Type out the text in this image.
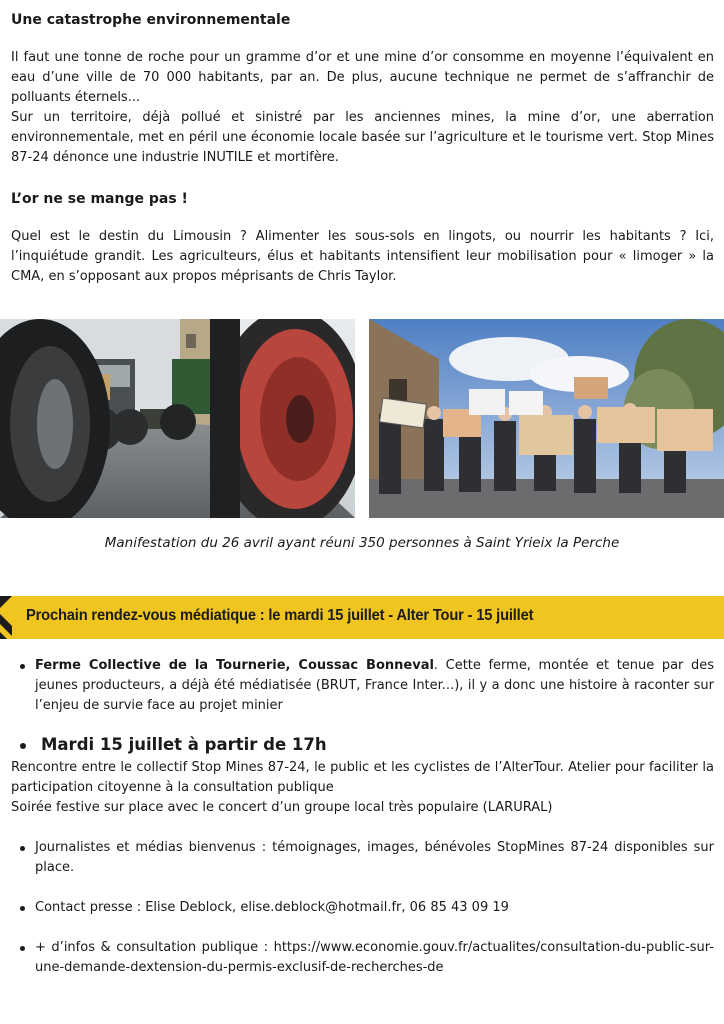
Une catastrophe environnementale

Il faut une tonne de roche pour un gramme d’or et une mine d’or consomme en moyenne l’équivalent en eau d’une ville de 70 000 habitants, par an. De plus, aucune technique ne permet de s’affranchir de polluants éternels...

Sur un territoire, déjà pollué et sinistré par les anciennes mines, la mine d’or, une aberration environnementale, met en péril une économie locale basée sur l’agriculture et le tourisme vert. Stop Mines 87-24 dénonce une industrie INUTILE et mortifère.

L’or ne se mange pas !

Quel est le destin du Limousin ? Alimenter les sous-sols en lingots, ou nourrir les habitants ? Ici, l’inquiétude grandit. Les agriculteurs, élus et habitants intensifient leur mobilisation pour « limoger » la CMA, en s’opposant aux propos méprisants de Chris Taylor.

Manifestation du 26 avril ayant réuni 350 personnes à Saint Yrieix la Perche
Prochain rendez-vous médiatique : le mardi 15 juillet - Alter Tour - 15 juillet
Ferme Collective de la Tournerie, Coussac Bonneval. Cette ferme, montée et tenue par des jeunes producteurs, a déjà été médiatisée (BRUT, France Inter...), il y a donc une histoire à raconter sur l’enjeu de survie face au projet minier
Mardi 15 juillet à partir de 17h

Rencontre entre le collectif Stop Mines 87-24, le public et les cyclistes de l’AlterTour. Atelier pour faciliter la participation citoyenne à la consultation publique

Soirée festive sur place avec le concert d’un groupe local très populaire (LARURAL)

Journalistes et médias bienvenus : témoignages, images, bénévoles StopMines 87-24 disponibles sur place.
Contact presse : Elise Deblock, elise.deblock@hotmail.fr, 06 85 43 09 19
+ d’infos & consultation publique : https://www.economie.gouv.fr/actualites/consultation-du-public-sur-une-demande-dextension-du-permis-exclusif-de-recherches-de
